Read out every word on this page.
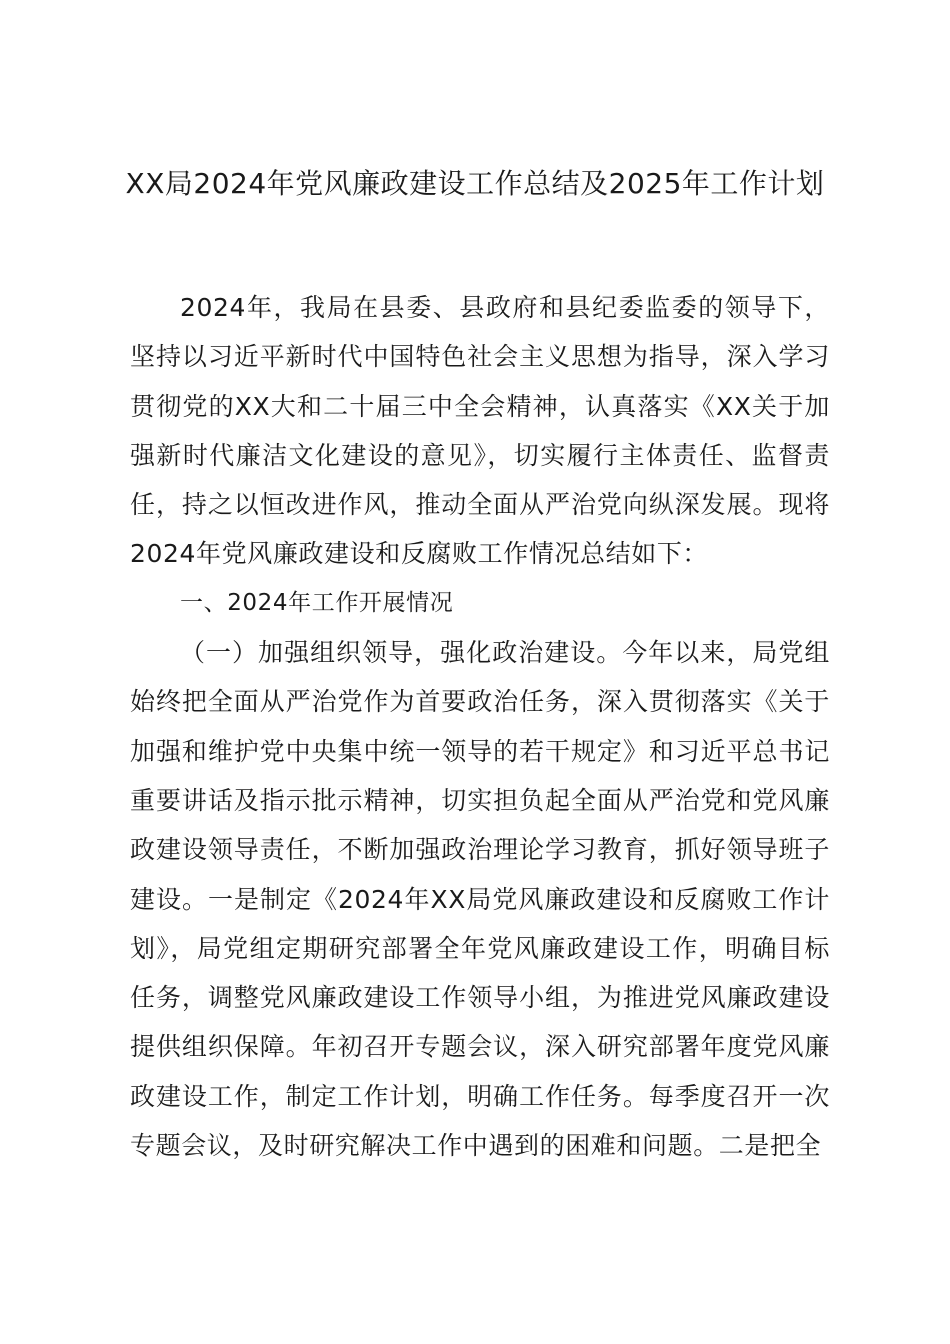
XX局2024年党风廉政建设工作总结及2025年工作计划

2024年，我局在县委、县政府和县纪委监委的领导下，坚持以习近平新时代中国特色社会主义思想为指导，深入学习贯彻党的XX大和二十届三中全会精神，认真落实《XX关于加强新时代廉洁文化建设的意见》，切实履行主体责任、监督责任，持之以恒改进作风，推动全面从严治党向纵深发展。现将2024年党风廉政建设和反腐败工作情况总结如下：

一、2024年工作开展情况

（一）加强组织领导，强化政治建设。今年以来，局党组始终把全面从严治党作为首要政治任务，深入贯彻落实《关于加强和维护党中央集中统一领导的若干规定》和习近平总书记重要讲话及指示批示精神，切实担负起全面从严治党和党风廉政建设领导责任，不断加强政治理论学习教育，抓好领导班子建设。一是制定《2024年XX局党风廉政建设和反腐败工作计划》，局党组定期研究部署全年党风廉政建设工作，明确目标任务，调整党风廉政建设工作领导小组，为推进党风廉政建设提供组织保障。年初召开专题会议，深入研究部署年度党风廉政建设工作，制定工作计划，明确工作任务。每季度召开一次专题会议，及时研究解决工作中遇到的困难和问题。二是把全
